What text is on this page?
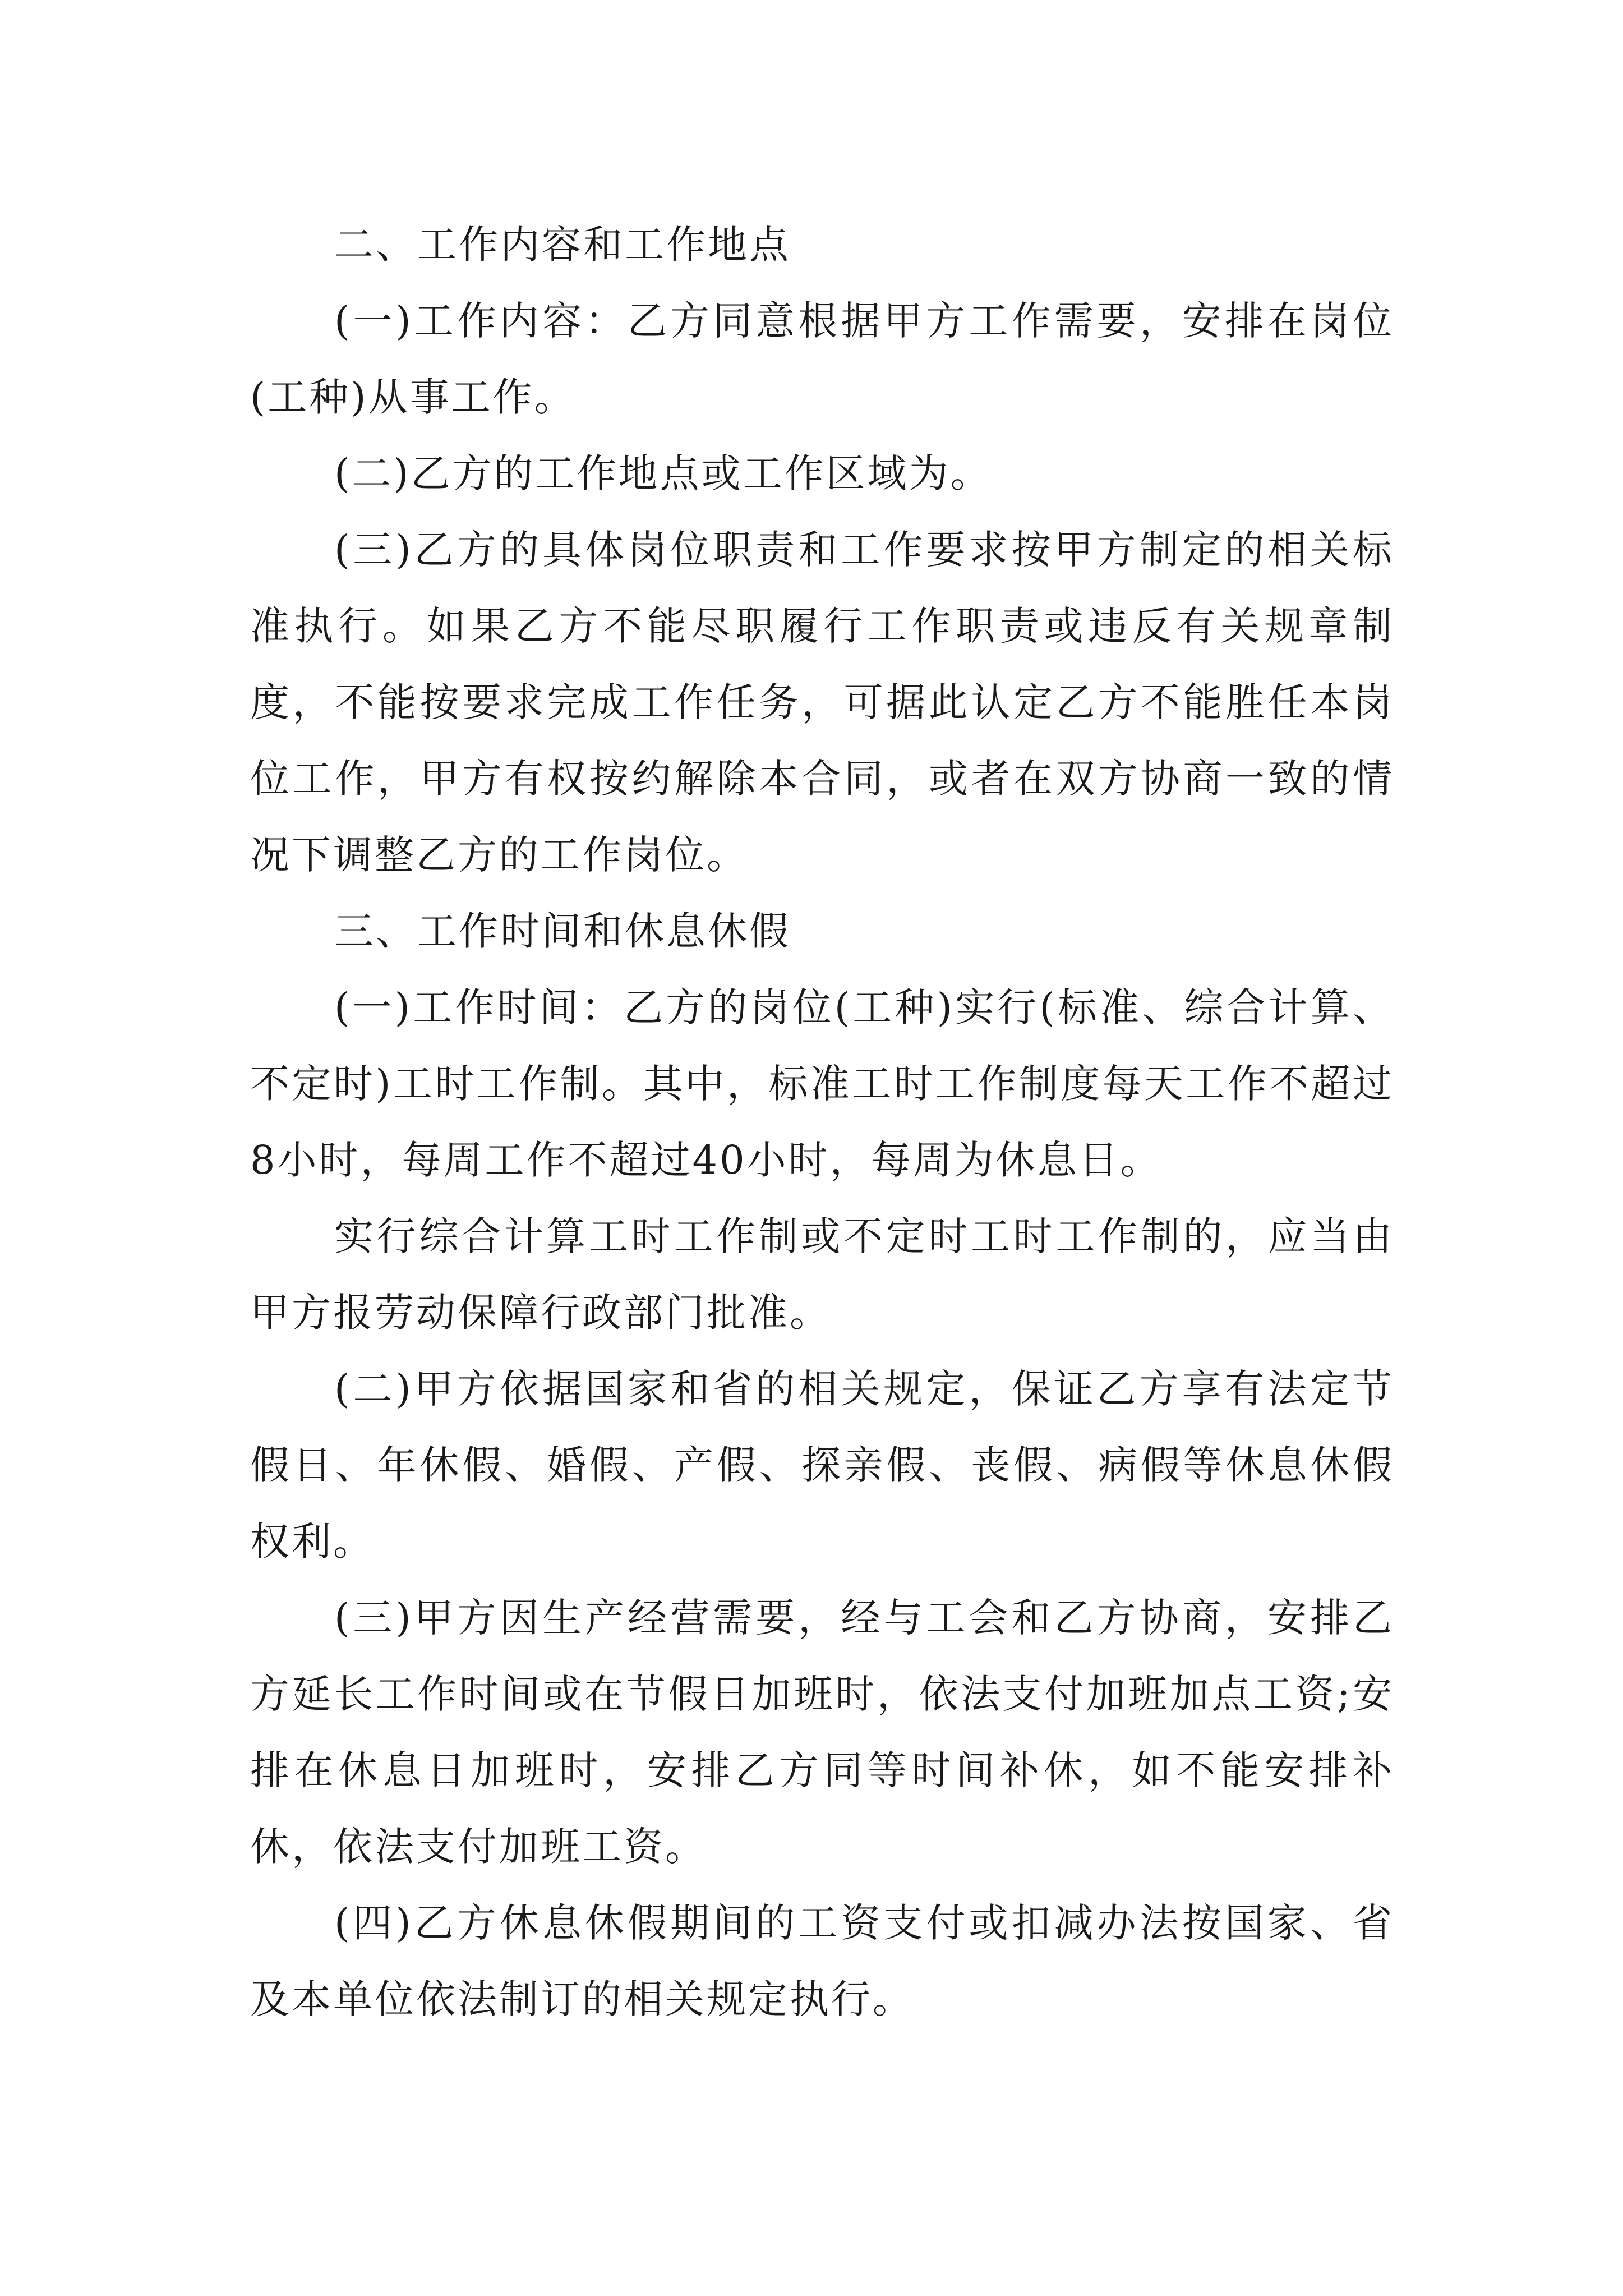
二、工作内容和工作地点

(一)工作内容：乙方同意根据甲方工作需要，安排在岗位(工种)从事工作。

(二)乙方的工作地点或工作区域为。

(三)乙方的具体岗位职责和工作要求按甲方制定的相关标准执行。如果乙方不能尽职履行工作职责或违反有关规章制度，不能按要求完成工作任务，可据此认定乙方不能胜任本岗位工作，甲方有权按约解除本合同，或者在双方协商一致的情况下调整乙方的工作岗位。

三、工作时间和休息休假

(一)工作时间：乙方的岗位(工种)实行(标准、综合计算、不定时)工时工作制。其中，标准工时工作制度每天工作不超过8小时，每周工作不超过40小时，每周为休息日。

实行综合计算工时工作制或不定时工时工作制的，应当由甲方报劳动保障行政部门批准。

(二)甲方依据国家和省的相关规定，保证乙方享有法定节假日、年休假、婚假、产假、探亲假、丧假、病假等休息休假权利。

(三)甲方因生产经营需要，经与工会和乙方协商，安排乙方延长工作时间或在节假日加班时，依法支付加班加点工资;安排在休息日加班时，安排乙方同等时间补休，如不能安排补休，依法支付加班工资。

(四)乙方休息休假期间的工资支付或扣减办法按国家、省及本单位依法制订的相关规定执行。
